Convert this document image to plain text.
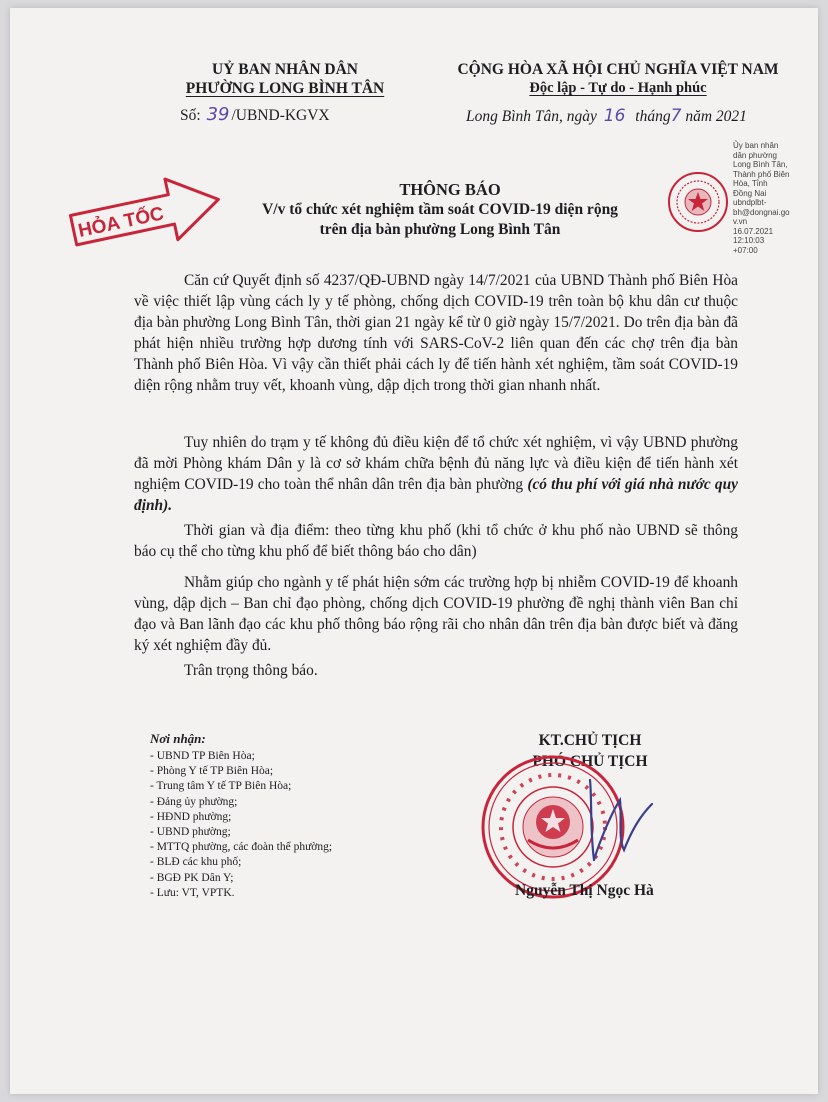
UỶ BAN NHÂN DÂN
PHƯỜNG LONG BÌNH TÂN
Số: 39 /UBND-KGVX
CỘNG HÒA XÃ HỘI CHỦ NGHĨA VIỆT NAM
Độc lập - Tự do - Hạnh phúc
Long Bình Tân, ngày 16 tháng7 năm 2021
Ủy ban nhân
dân phường
Long Bình Tân,
Thành phố Biên
Hòa, Tỉnh
Đồng Nai
ubndplbt-
bh@dongnai.go
v.vn
16.07.2021
12:10:03
+07:00
HỎA TỐC
THÔNG BÁO
V/v tổ chức xét nghiệm tầm soát COVID-19 diện rộng
trên địa bàn phường Long Bình Tân
Căn cứ Quyết định số 4237/QĐ-UBND ngày 14/7/2021 của UBND Thành phố Biên Hòa về việc thiết lập vùng cách ly y tế phòng, chống dịch COVID-19 trên toàn bộ khu dân cư thuộc địa bàn phường Long Bình Tân, thời gian 21 ngày kể từ 0 giờ ngày 15/7/2021. Do trên địa bàn đã phát hiện nhiều trường hợp dương tính với SARS-CoV-2 liên quan đến các chợ trên địa bàn Thành phố Biên Hòa. Vì vậy cần thiết phải cách ly để tiến hành xét nghiệm, tầm soát COVID-19 diện rộng nhằm truy vết, khoanh vùng, dập dịch trong thời gian nhanh nhất.
Tuy nhiên do trạm y tế không đủ điều kiện để tổ chức xét nghiệm, vì vậy UBND phường đã mời Phòng khám Dân y là cơ sở khám chữa bệnh đủ năng lực và điều kiện để tiến hành xét nghiệm COVID-19 cho toàn thể nhân dân trên địa bàn phường (có thu phí với giá nhà nước quy định).
Thời gian và địa điểm: theo từng khu phố (khi tổ chức ở khu phố nào UBND sẽ thông báo cụ thể cho từng khu phố để biết thông báo cho dân)
Nhằm giúp cho ngành y tế phát hiện sớm các trường hợp bị nhiễm COVID-19 để khoanh vùng, dập dịch – Ban chỉ đạo phòng, chống dịch COVID-19 phường đề nghị thành viên Ban chỉ đạo và Ban lãnh đạo các khu phố thông báo rộng rãi cho nhân dân trên địa bàn được biết và đăng ký xét nghiệm đầy đủ.
Trân trọng thông báo.
Nơi nhận:
- UBND TP Biên Hòa;
- Phòng Y tế TP Biên Hòa;
- Trung tâm Y tế TP Biên Hòa;
- Đảng ủy phường;
- HĐND phường;
- UBND phường;
- MTTQ phường, các đoàn thể phường;
- BLĐ các khu phố;
- BGĐ PK Dân Y;
- Lưu: VT, VPTK.
KT.CHỦ TỊCH
PHÓ CHỦ TỊCH
Nguyễn Thị Ngọc Hà
